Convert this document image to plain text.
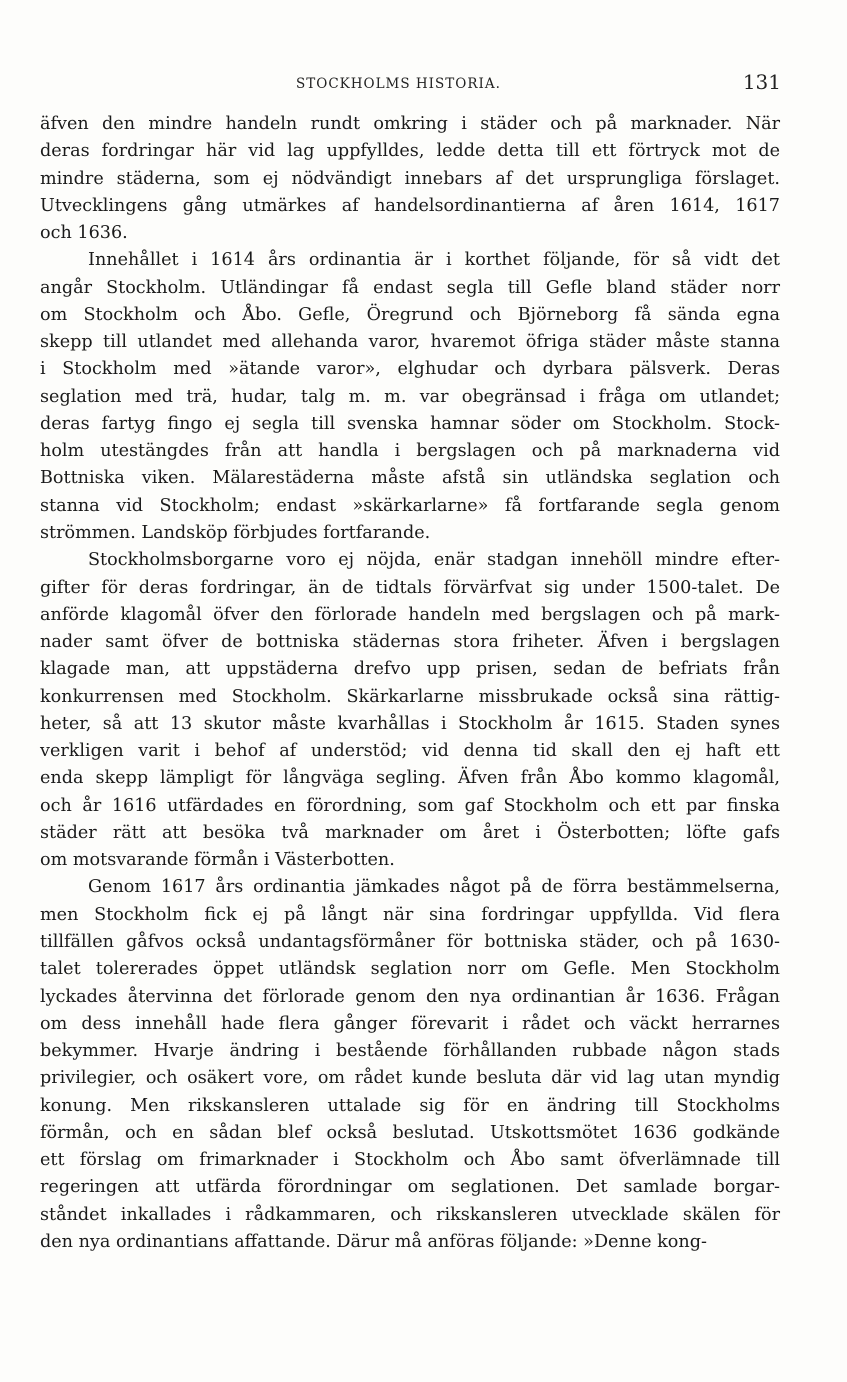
STOCKHOLMS HISTORIA.	131
äfven den mindre handeln rundt omkring i städer och på marknader. När
deras fordringar här vid lag uppfylldes, ledde detta till ett förtryck mot de
mindre städerna, som ej nödvändigt innebars af det ursprungliga förslaget.
Utvecklingens gång utmärkes af handelsordinantierna af åren 1614, 1617
och 1636.
Innehållet i 1614 års ordinantia är i korthet följande, för så vidt det
angår Stockholm. Utländingar få endast segla till Gefle bland städer norr
om Stockholm och Åbo. Gefle, Öregrund och Björneborg få sända egna
skepp till utlandet med allehanda varor, hvaremot öfriga städer måste stanna
i Stockholm med »ätande varor», elghudar och dyrbara pälsverk. Deras
seglation med trä, hudar, talg m. m. var obegränsad i fråga om utlandet;
deras fartyg fingo ej segla till svenska hamnar söder om Stockholm. Stock-
holm utestängdes från att handla i bergslagen och på marknaderna vid
Bottniska viken. Mälarestäderna måste afstå sin utländska seglation och
stanna vid Stockholm; endast »skärkarlarne» få fortfarande segla genom
strömmen. Landsköp förbjudes fortfarande.
Stockholmsborgarne voro ej nöjda, enär stadgan innehöll mindre efter-
gifter för deras fordringar, än de tidtals förvärfvat sig under 1500-talet. De
anförde klagomål öfver den förlorade handeln med bergslagen och på mark-
nader samt öfver de bottniska städernas stora friheter. Äfven i bergslagen
klagade man, att uppstäderna drefvo upp prisen, sedan de befriats från
konkurrensen med Stockholm. Skärkarlarne missbrukade också sina rättig-
heter, så att 13 skutor måste kvarhållas i Stockholm år 1615. Staden synes
verkligen varit i behof af understöd; vid denna tid skall den ej haft ett
enda skepp lämpligt för långväga segling. Äfven från Åbo kommo klagomål,
och år 1616 utfärdades en förordning, som gaf Stockholm och ett par finska
städer rätt att besöka två marknader om året i Österbotten; löfte gafs
om motsvarande förmån i Västerbotten.
Genom 1617 års ordinantia jämkades något på de förra bestämmelserna,
men Stockholm fick ej på långt när sina fordringar uppfyllda. Vid flera
tillfällen gåfvos också undantagsförmåner för bottniska städer, och på 1630-
talet tolererades öppet utländsk seglation norr om Gefle. Men Stockholm
lyckades återvinna det förlorade genom den nya ordinantian år 1636. Frågan
om dess innehåll hade flera gånger förevarit i rådet och väckt herrarnes
bekymmer. Hvarje ändring i bestående förhållanden rubbade någon stads
privilegier, och osäkert vore, om rådet kunde besluta där vid lag utan myndig
konung. Men rikskansleren uttalade sig för en ändring till Stockholms
förmån, och en sådan blef också beslutad. Utskottsmötet 1636 godkände
ett förslag om frimarknader i Stockholm och Åbo samt öfverlämnade till
regeringen att utfärda förordningar om seglationen. Det samlade borgar-
ståndet inkallades i rådkammaren, och rikskansleren utvecklade skälen för
den nya ordinantians affattande. Därur må anföras följande: »Denne kong-
